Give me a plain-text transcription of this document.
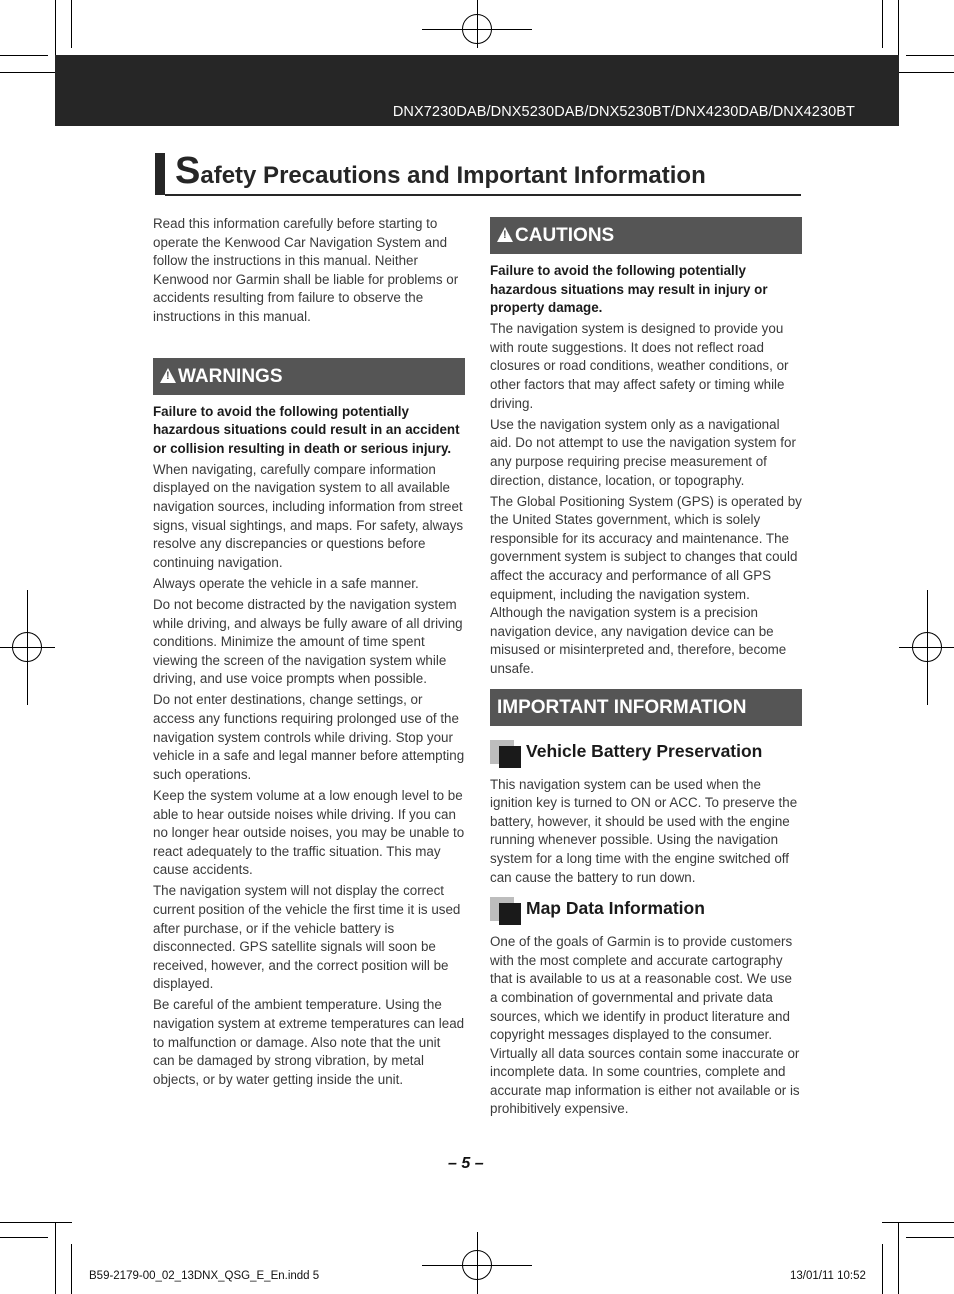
DNX7230DAB/DNX5230DAB/DNX5230BT/DNX4230DAB/DNX4230BT
Safety Precautions and Important Information

Read this information carefully before starting to operate the Kenwood Car Navigation System and follow the instructions in this manual. Neither Kenwood nor Garmin shall be liable for problems or accidents resulting from failure to observe the instructions in this manual.

!WARNINGS

Failure to avoid the following potentially hazardous situations could result in an accident or collision resulting in death or serious injury.

When navigating, carefully compare information displayed on the navigation system to all available navigation sources, including information from street signs, visual sightings, and maps. For safety, always resolve any discrepancies or questions before continuing navigation.

Always operate the vehicle in a safe manner.

Do not become distracted by the navigation system while driving, and always be fully aware of all driving conditions. Minimize the amount of time spent viewing the screen of the navigation system while driving, and use voice prompts when possible.

Do not enter destinations, change settings, or access any functions requiring prolonged use of the navigation system controls while driving. Stop your vehicle in a safe and legal manner before attempting such operations.

Keep the system volume at a low enough level to be able to hear outside noises while driving. If you can no longer hear outside noises, you may be unable to react adequately to the traffic situation. This may cause accidents.

The navigation system will not display the correct current position of the vehicle the first time it is used after purchase, or if the vehicle battery is disconnected. GPS satellite signals will soon be received, however, and the correct position will be displayed.

Be careful of the ambient temperature. Using the navigation system at extreme temperatures can lead to malfunction or damage. Also note that the unit can be damaged by strong vibration, by metal objects, or by water getting inside the unit.

!CAUTIONS

Failure to avoid the following potentially hazardous situations may result in injury or property damage.

The navigation system is designed to provide you with route suggestions. It does not reflect road closures or road conditions, weather conditions, or other factors that may affect safety or timing while driving.

Use the navigation system only as a navigational aid. Do not attempt to use the navigation system for any purpose requiring precise measurement of direction, distance, location, or topography.

The Global Positioning System (GPS) is operated by the United States government, which is solely responsible for its accuracy and maintenance. The government system is subject to changes that could affect the accuracy and performance of all GPS equipment, including the navigation system. Although the navigation system is a precision navigation device, any navigation device can be misused or misinterpreted and, therefore, become unsafe.

IMPORTANT INFORMATION
Vehicle Battery Preservation

This navigation system can be used when the ignition key is turned to ON or ACC. To preserve the battery, however, it should be used with the engine running whenever possible. Using the navigation system for a long time with the engine switched off can cause the battery to run down.

Map Data Information

One of the goals of Garmin is to provide customers with the most complete and accurate cartography that is available to us at a reasonable cost. We use a combination of governmental and private data sources, which we identify in product literature and copyright messages displayed to the consumer. Virtually all data sources contain some inaccurate or incomplete data. In some countries, complete and accurate map information is either not available or is prohibitively expensive.

– 5 –
B59-2179-00_02_13DNX_QSG_E_En.indd 5	13/01/11 10:52
